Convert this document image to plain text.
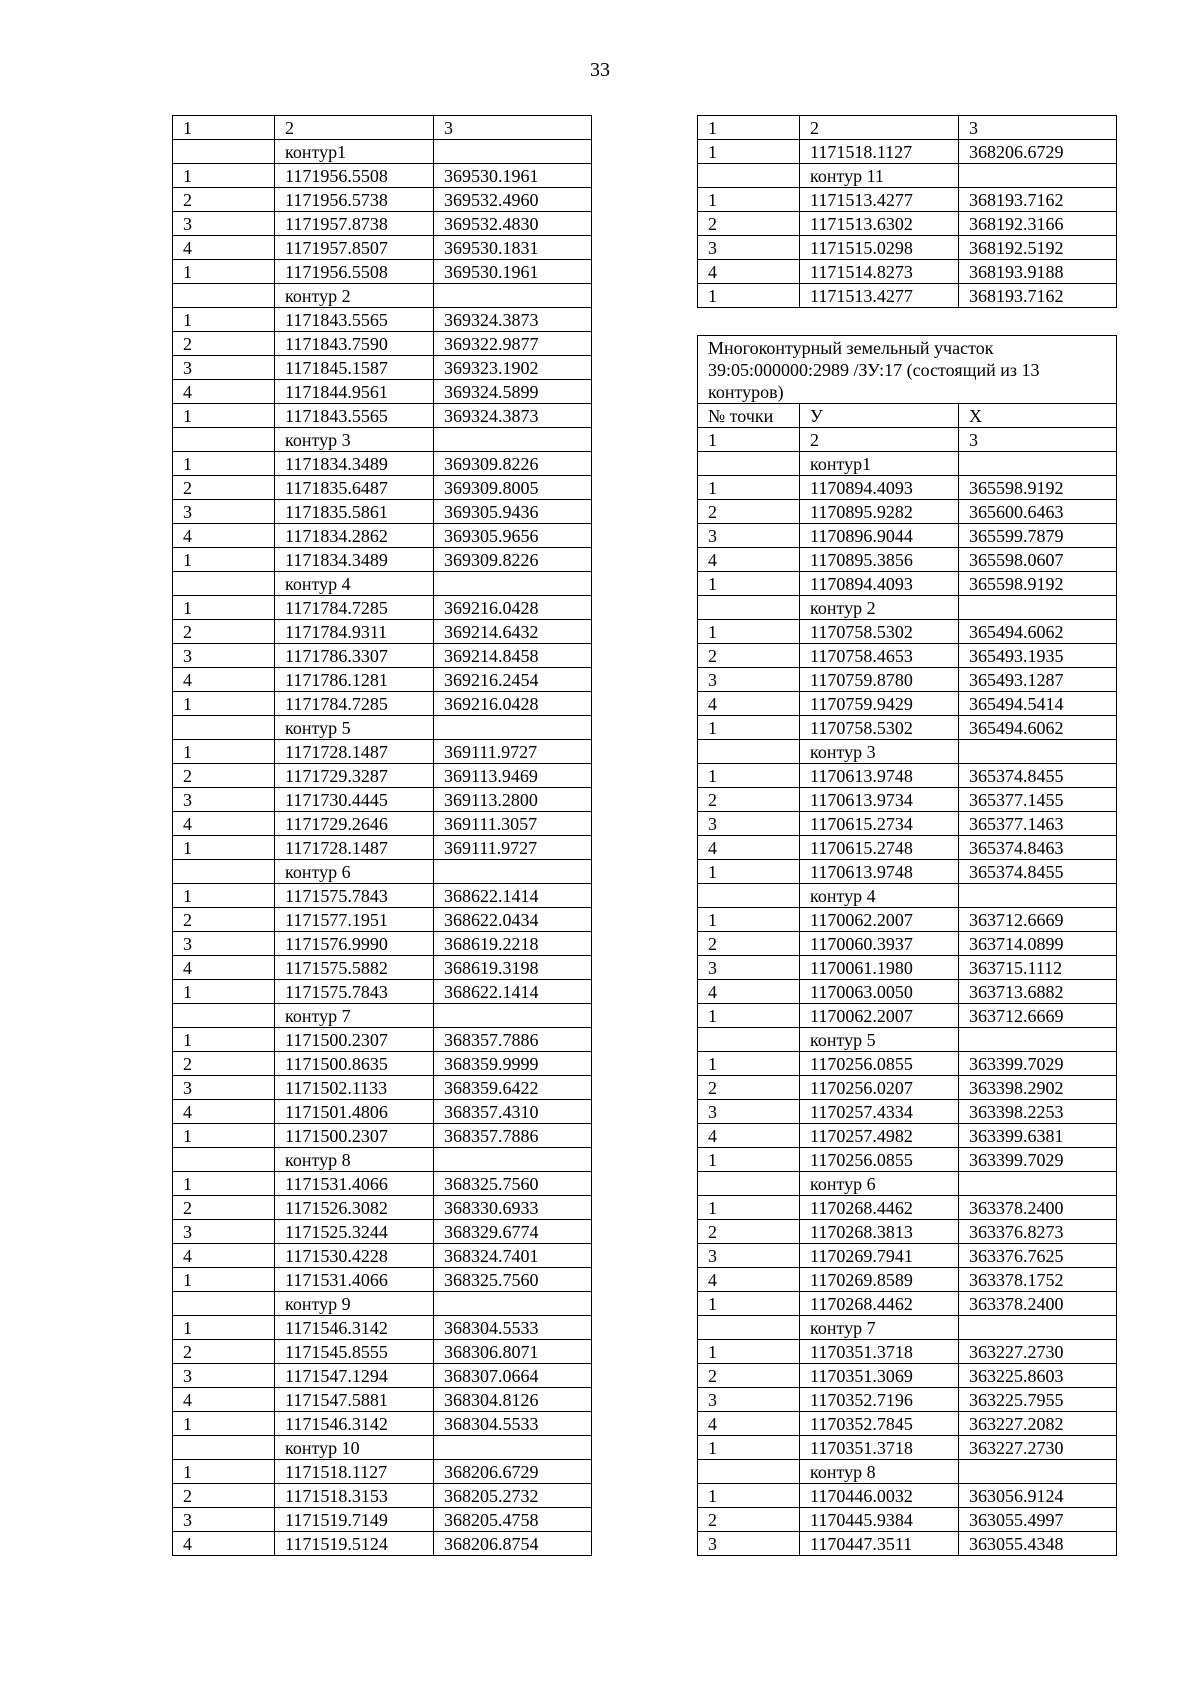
33
1	2	3
	контур1	
1	1171956.5508	369530.1961
2	1171956.5738	369532.4960
3	1171957.8738	369532.4830
4	1171957.8507	369530.1831
1	1171956.5508	369530.1961
	контур 2	
1	1171843.5565	369324.3873
2	1171843.7590	369322.9877
3	1171845.1587	369323.1902
4	1171844.9561	369324.5899
1	1171843.5565	369324.3873
	контур 3	
1	1171834.3489	369309.8226
2	1171835.6487	369309.8005
3	1171835.5861	369305.9436
4	1171834.2862	369305.9656
1	1171834.3489	369309.8226
	контур 4	
1	1171784.7285	369216.0428
2	1171784.9311	369214.6432
3	1171786.3307	369214.8458
4	1171786.1281	369216.2454
1	1171784.7285	369216.0428
	контур 5	
1	1171728.1487	369111.9727
2	1171729.3287	369113.9469
3	1171730.4445	369113.2800
4	1171729.2646	369111.3057
1	1171728.1487	369111.9727
	контур 6	
1	1171575.7843	368622.1414
2	1171577.1951	368622.0434
3	1171576.9990	368619.2218
4	1171575.5882	368619.3198
1	1171575.7843	368622.1414
	контур 7	
1	1171500.2307	368357.7886
2	1171500.8635	368359.9999
3	1171502.1133	368359.6422
4	1171501.4806	368357.4310
1	1171500.2307	368357.7886
	контур 8	
1	1171531.4066	368325.7560
2	1171526.3082	368330.6933
3	1171525.3244	368329.6774
4	1171530.4228	368324.7401
1	1171531.4066	368325.7560
	контур 9	
1	1171546.3142	368304.5533
2	1171545.8555	368306.8071
3	1171547.1294	368307.0664
4	1171547.5881	368304.8126
1	1171546.3142	368304.5533
	контур 10	
1	1171518.1127	368206.6729
2	1171518.3153	368205.2732
3	1171519.7149	368205.4758
4	1171519.5124	368206.8754
1	2	3
1	1171518.1127	368206.6729
	контур 11	
1	1171513.4277	368193.7162
2	1171513.6302	368192.3166
3	1171515.0298	368192.5192
4	1171514.8273	368193.9188
1	1171513.4277	368193.7162
Многоконтурный земельный участок 39:05:000000:2989 /ЗУ:17 (состоящий из 13 контуров)		
№ точки	У	Х
1	2	3
	контур1	
1	1170894.4093	365598.9192
2	1170895.9282	365600.6463
3	1170896.9044	365599.7879
4	1170895.3856	365598.0607
1	1170894.4093	365598.9192
	контур 2	
1	1170758.5302	365494.6062
2	1170758.4653	365493.1935
3	1170759.8780	365493.1287
4	1170759.9429	365494.5414
1	1170758.5302	365494.6062
	контур 3	
1	1170613.9748	365374.8455
2	1170613.9734	365377.1455
3	1170615.2734	365377.1463
4	1170615.2748	365374.8463
1	1170613.9748	365374.8455
	контур 4	
1	1170062.2007	363712.6669
2	1170060.3937	363714.0899
3	1170061.1980	363715.1112
4	1170063.0050	363713.6882
1	1170062.2007	363712.6669
	контур 5	
1	1170256.0855	363399.7029
2	1170256.0207	363398.2902
3	1170257.4334	363398.2253
4	1170257.4982	363399.6381
1	1170256.0855	363399.7029
	контур 6	
1	1170268.4462	363378.2400
2	1170268.3813	363376.8273
3	1170269.7941	363376.7625
4	1170269.8589	363378.1752
1	1170268.4462	363378.2400
	контур 7	
1	1170351.3718	363227.2730
2	1170351.3069	363225.8603
3	1170352.7196	363225.7955
4	1170352.7845	363227.2082
1	1170351.3718	363227.2730
	контур 8	
1	1170446.0032	363056.9124
2	1170445.9384	363055.4997
3	1170447.3511	363055.4348
